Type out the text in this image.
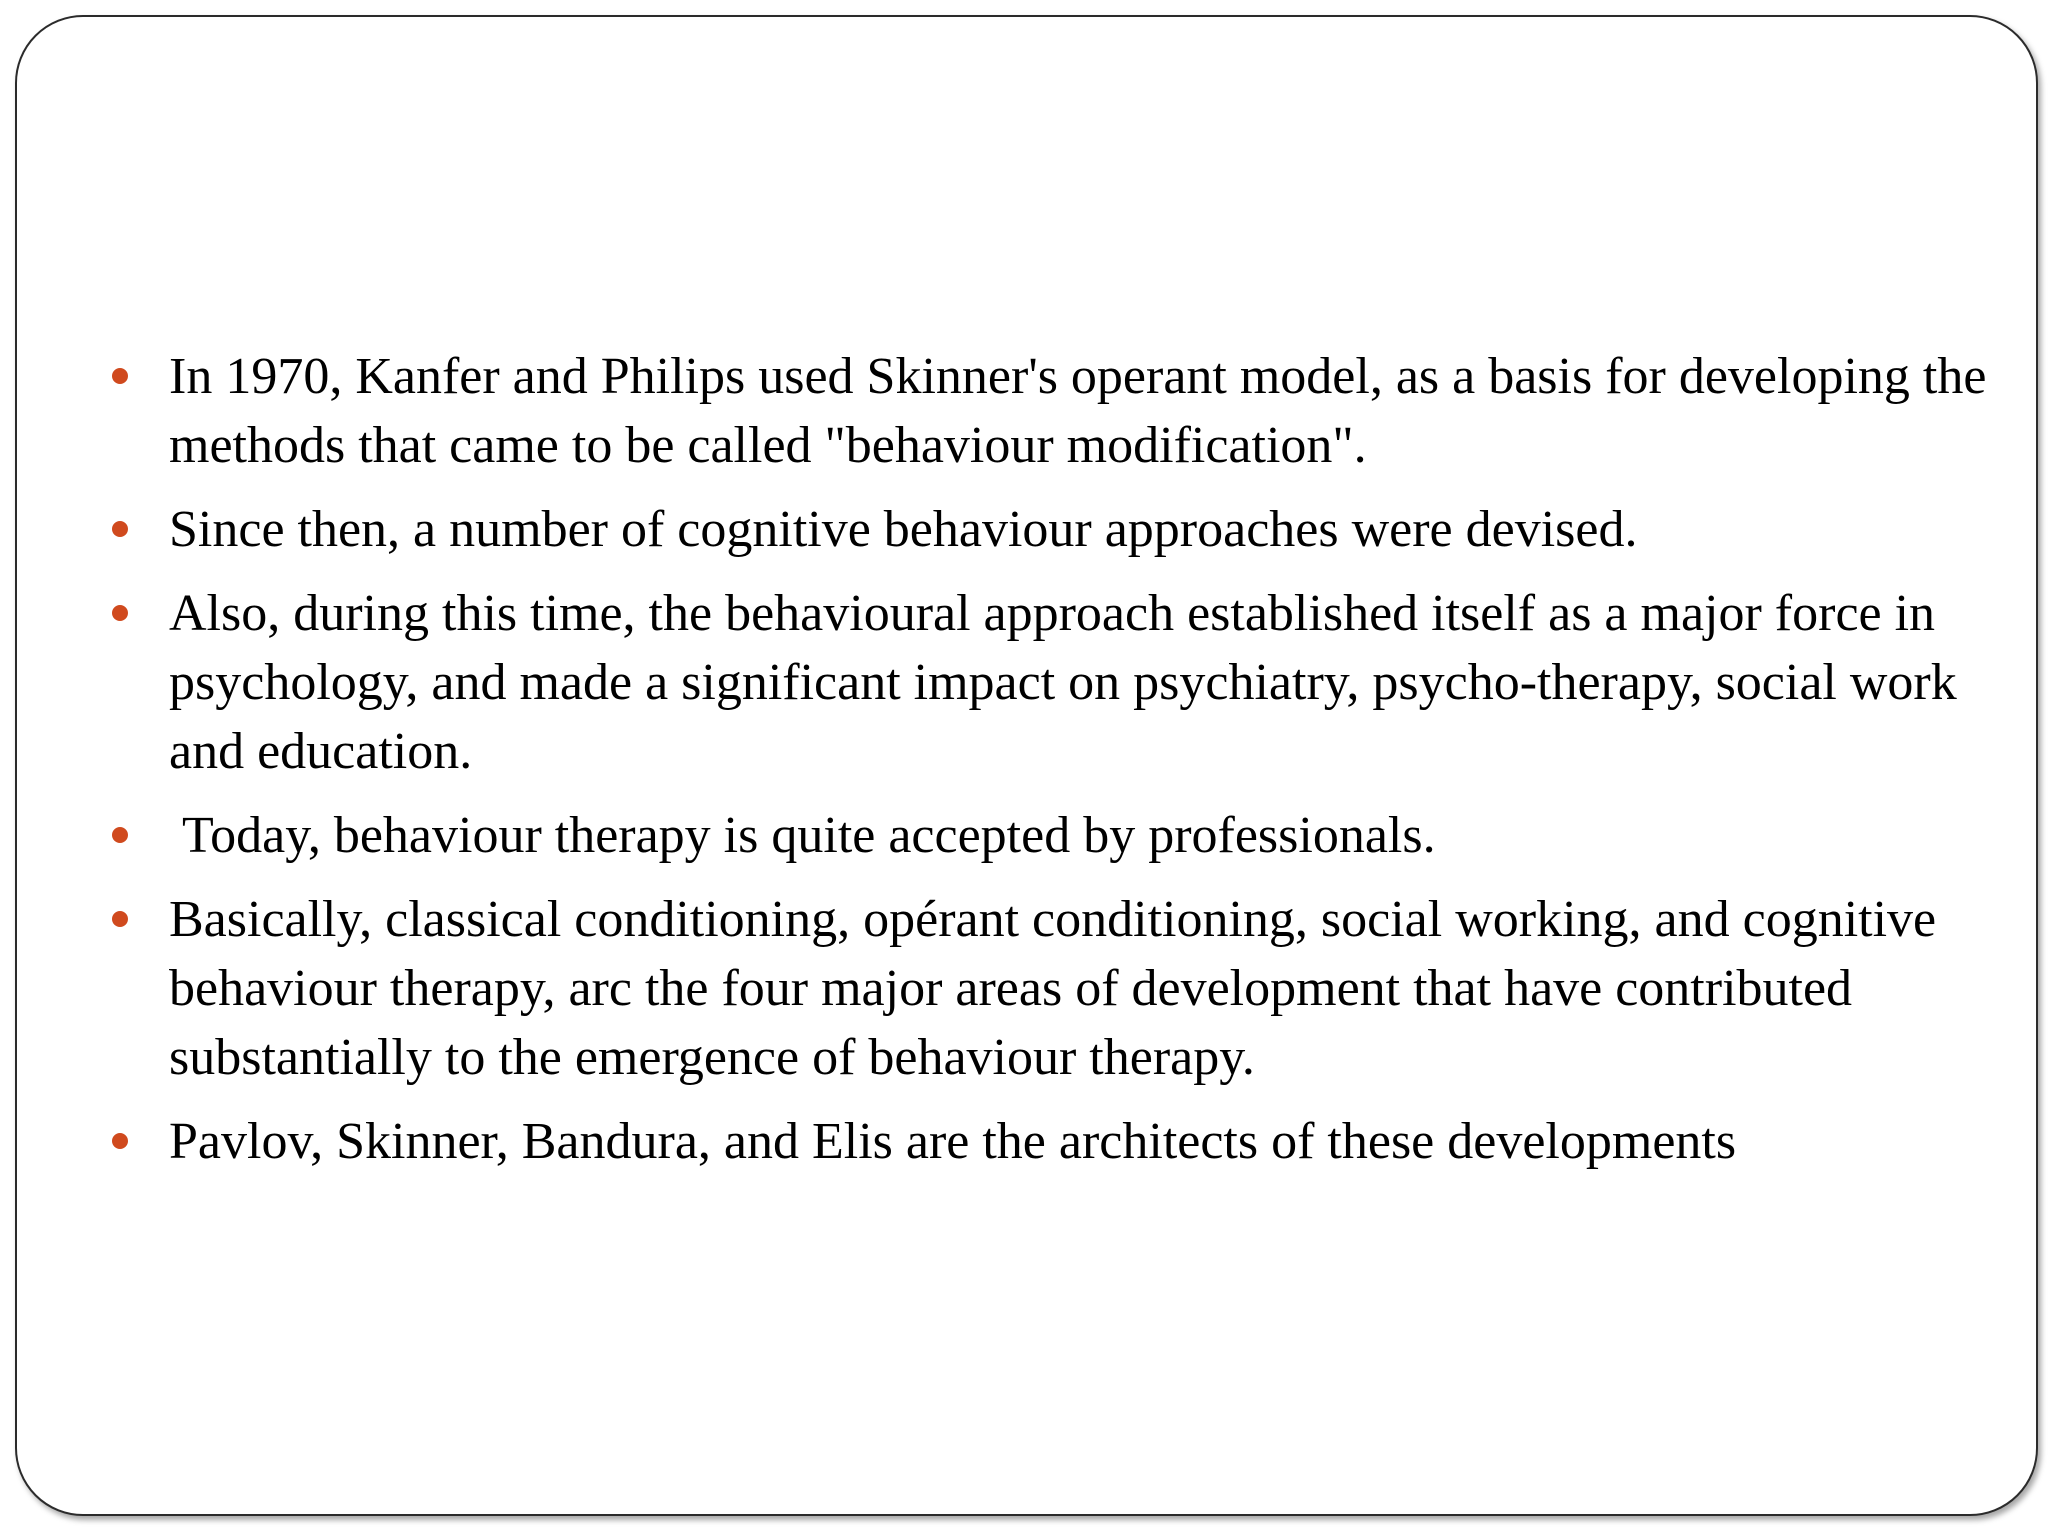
In 1970, Kanfer and Philips used Skinner's operant model, as a basis for developing the methods that came to be called "behaviour modification".
Since then, a number of cognitive behaviour approaches were devised.
Also, during this time, the behavioural approach established itself as a major force in psychology, and made a significant impact on psychiatry, psycho-therapy, social work and education.
Today, behaviour therapy is quite accepted by professionals.
Basically, classical conditioning, opérant conditioning, social working, and cognitive behaviour therapy, arc the four major areas of development that have contributed substantially to the emergence of behaviour therapy.
Pavlov, Skinner, Bandura, and Elis are the architects of these developments
